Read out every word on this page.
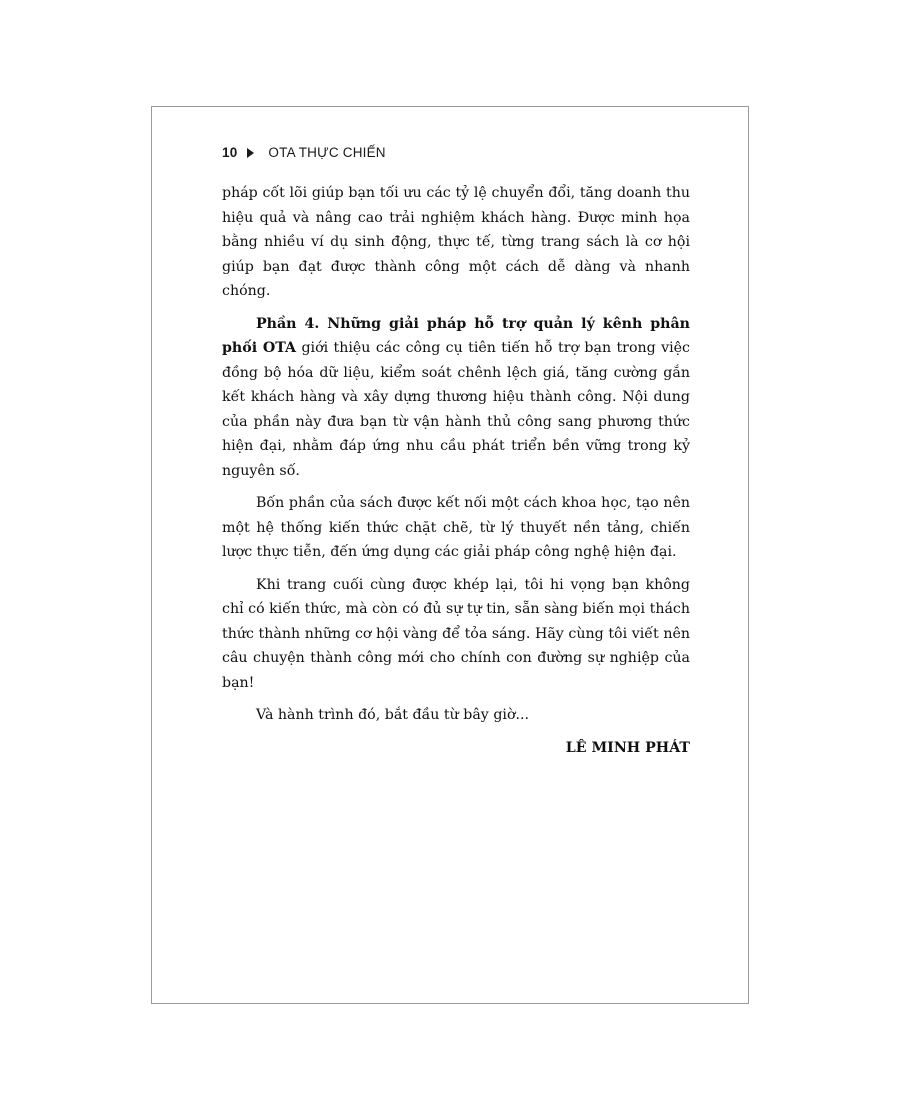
10 OTA THỰC CHIẾN

pháp cốt lõi giúp bạn tối ưu các tỷ lệ chuyển đổi, tăng doanh thu hiệu quả và nâng cao trải nghiệm khách hàng. Được minh họa bằng nhiều ví dụ sinh động, thực tế, từng trang sách là cơ hội giúp bạn đạt được thành công một cách dễ dàng và nhanh chóng.

Phần 4. Những giải pháp hỗ trợ quản lý kênh phân phối OTA giới thiệu các công cụ tiên tiến hỗ trợ bạn trong việc đồng bộ hóa dữ liệu, kiểm soát chênh lệch giá, tăng cường gắn kết khách hàng và xây dựng thương hiệu thành công. Nội dung của phần này đưa bạn từ vận hành thủ công sang phương thức hiện đại, nhằm đáp ứng nhu cầu phát triển bền vững trong kỷ nguyên số.

Bốn phần của sách được kết nối một cách khoa học, tạo nên một hệ thống kiến thức chặt chẽ, từ lý thuyết nền tảng, chiến lược thực tiễn, đến ứng dụng các giải pháp công nghệ hiện đại.

Khi trang cuối cùng được khép lại, tôi hi vọng bạn không chỉ có kiến thức, mà còn có đủ sự tự tin, sẵn sàng biến mọi thách thức thành những cơ hội vàng để tỏa sáng. Hãy cùng tôi viết nên câu chuyện thành công mới cho chính con đường sự nghiệp của bạn!

Và hành trình đó, bắt đầu từ bây giờ...

LÊ MINH PHÁT
